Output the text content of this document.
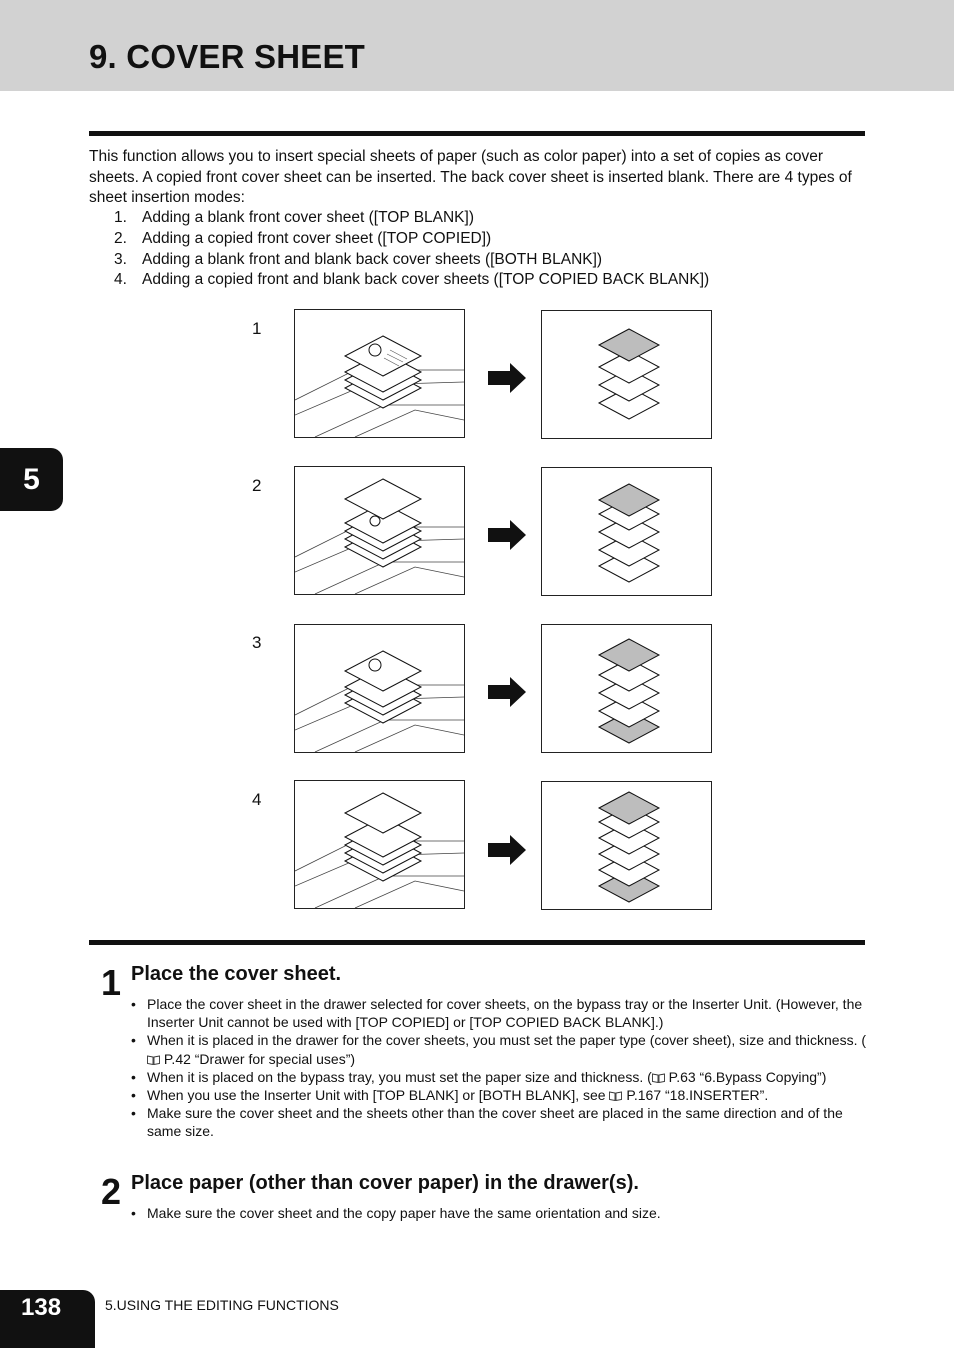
9. COVER SHEET

This function allows you to insert special sheets of paper (such as color paper) into a set of copies as cover sheets. A copied front cover sheet can be inserted. The back cover sheet is inserted blank. There are 4 types of sheet insertion modes:

1. Adding a blank front cover sheet ([TOP BLANK])
2. Adding a copied front cover sheet ([TOP COPIED])
3. Adding a blank front and blank back cover sheets ([BOTH BLANK])
4. Adding a copied front and blank back cover sheets ([TOP COPIED BACK BLANK])
5
1
2
3
4
1 Place the cover sheet.
• Place the cover sheet in the drawer selected for cover sheets, on the bypass tray or the Inserter Unit. (However, the Inserter Unit cannot be used with [TOP COPIED] or [TOP COPIED BACK BLANK].)
• When it is placed in the drawer for the cover sheets, you must set the paper type (cover sheet), size and thickness. ( P.42 “Drawer for special uses”)
• When it is placed on the bypass tray, you must set the paper size and thickness. ( P.63 “6.Bypass Copying”)
• When you use the Inserter Unit with [TOP BLANK] or [BOTH BLANK], see  P.167 “18.INSERTER”.
• Make sure the cover sheet and the sheets other than the cover sheet are placed in the same direction and of the same size.
2 Place paper (other than cover paper) in the drawer(s).
• Make sure the cover sheet and the copy paper have the same orientation and size.
138	5.USING THE EDITING FUNCTIONS
